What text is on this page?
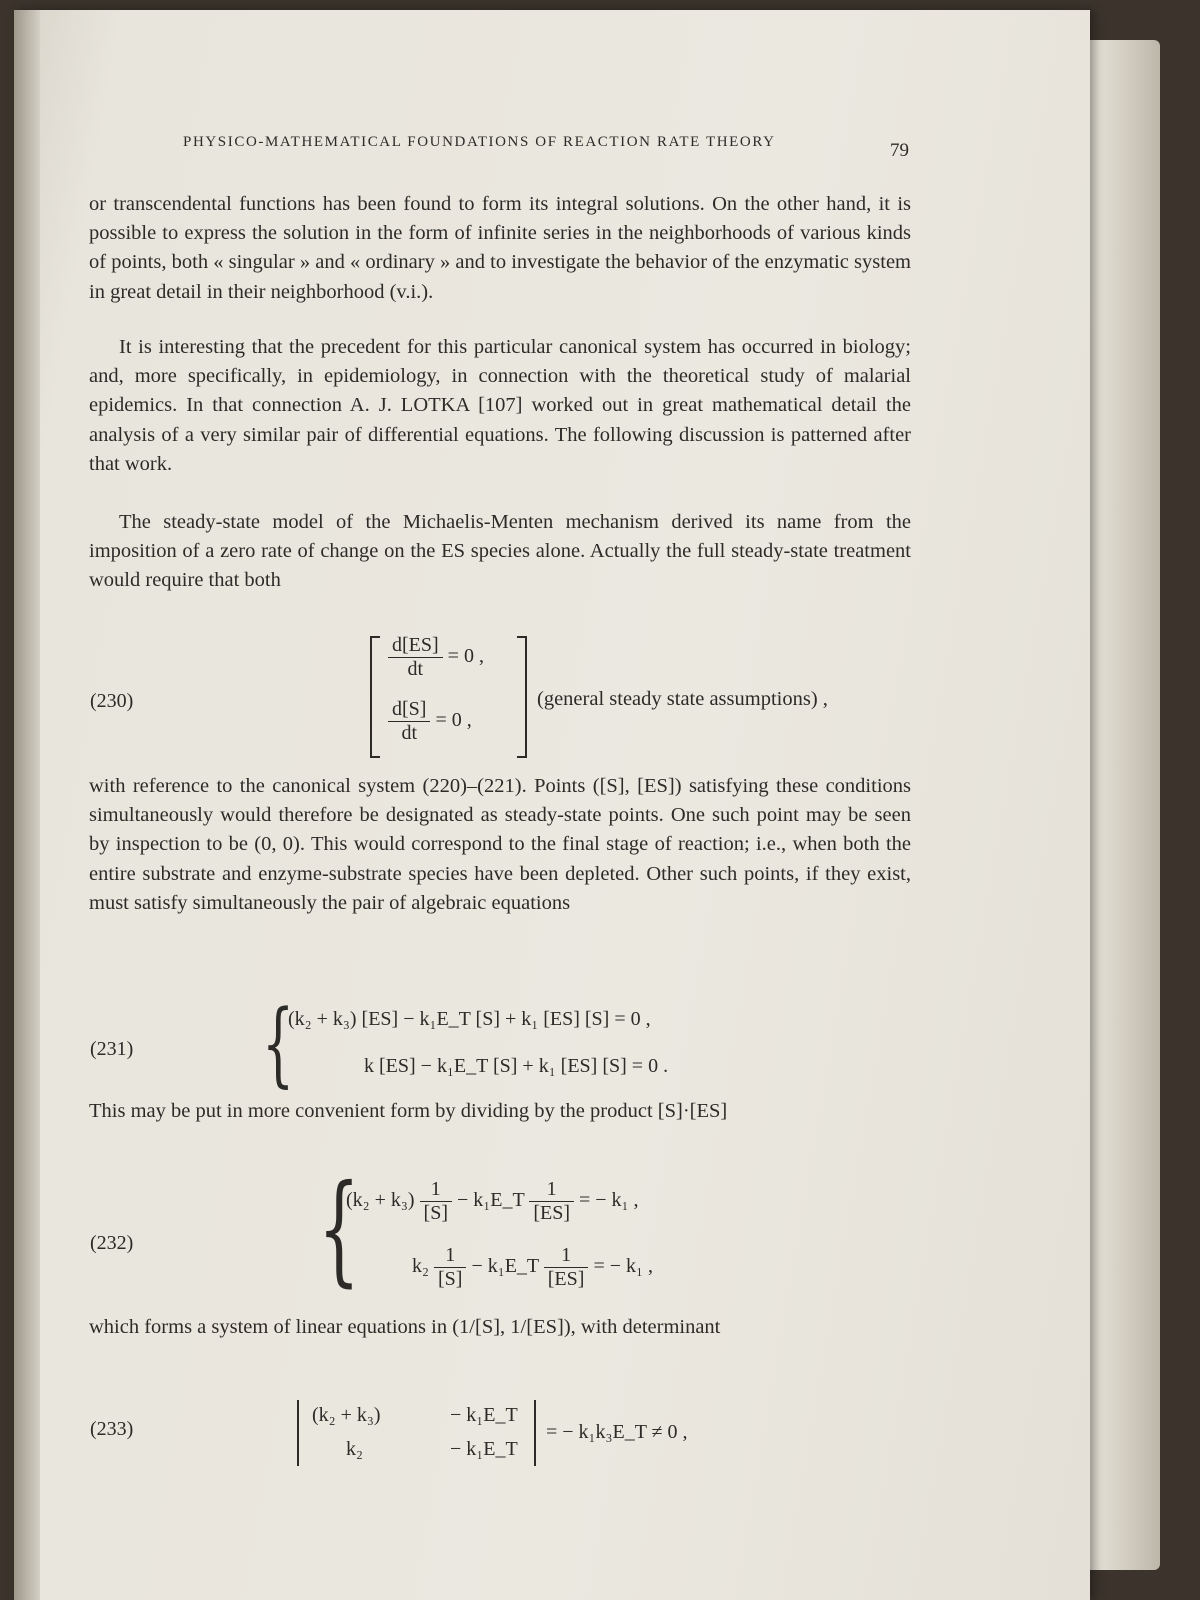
PHYSICO-MATHEMATICAL FOUNDATIONS OF REACTION RATE THEORY	79

or transcendental functions has been found to form its integral solutions. On the other hand, it is possible to express the solution in the form of infinite series in the neighborhoods of various kinds of points, both « singular » and « ordinary » and to investigate the behavior of the enzymatic system in great detail in their neighborhood (v.i.).

It is interesting that the precedent for this particular canonical system has occurred in biology; and, more specifically, in epidemiology, in connection with the theoretical study of malarial epidemics. In that connection A. J. LOTKA [107] worked out in great mathematical detail the analysis of a very similar pair of differential equations. The following discussion is patterned after that work.

The steady-state model of the Michaelis-Menten mechanism derived its name from the imposition of a zero rate of change on the ES species alone. Actually the full steady-state treatment would require that both

(230)
$\frac{d[ES]}{dt} = 0$ ,
$\frac{d[S]}{dt} = 0$ ,
(general steady state assumptions) ,

with reference to the canonical system (220)–(221). Points ([S], [ES]) satisfying these conditions simultaneously would therefore be designated as steady-state points. One such point may be seen by inspection to be (0, 0). This would correspond to the final stage of reaction; i.e., when both the entire substrate and enzyme-substrate species have been depleted. Other such points, if they exist, must satisfy simultaneously the pair of algebraic equations

(231) {
(k₂ + k₃) [ES] − k₁E_T [S] + k₁ [ES] [S] = 0 ,
k [ES] − k₁E_T [S] + k₁ [ES] [S] = 0 .

This may be put in more convenient form by dividing by the product [S]·[ES]

(232) {
$(k_2 + k_3) \frac{1}{[S]}$ − k₁E_T $\frac{1}{[ES]}$ = − k₁ ,
$k_2 \frac{1}{[S]}$ − k₁E_T $\frac{1}{[ES]}$ = − k₁ ,

which forms a system of linear equations in (1/[S], 1/[ES]), with determinant

(233)
(k₂ + k₃)	− k₁E_T
k₂	− k₁E_T
= − k₁k₃E_T ≠ 0 ,
